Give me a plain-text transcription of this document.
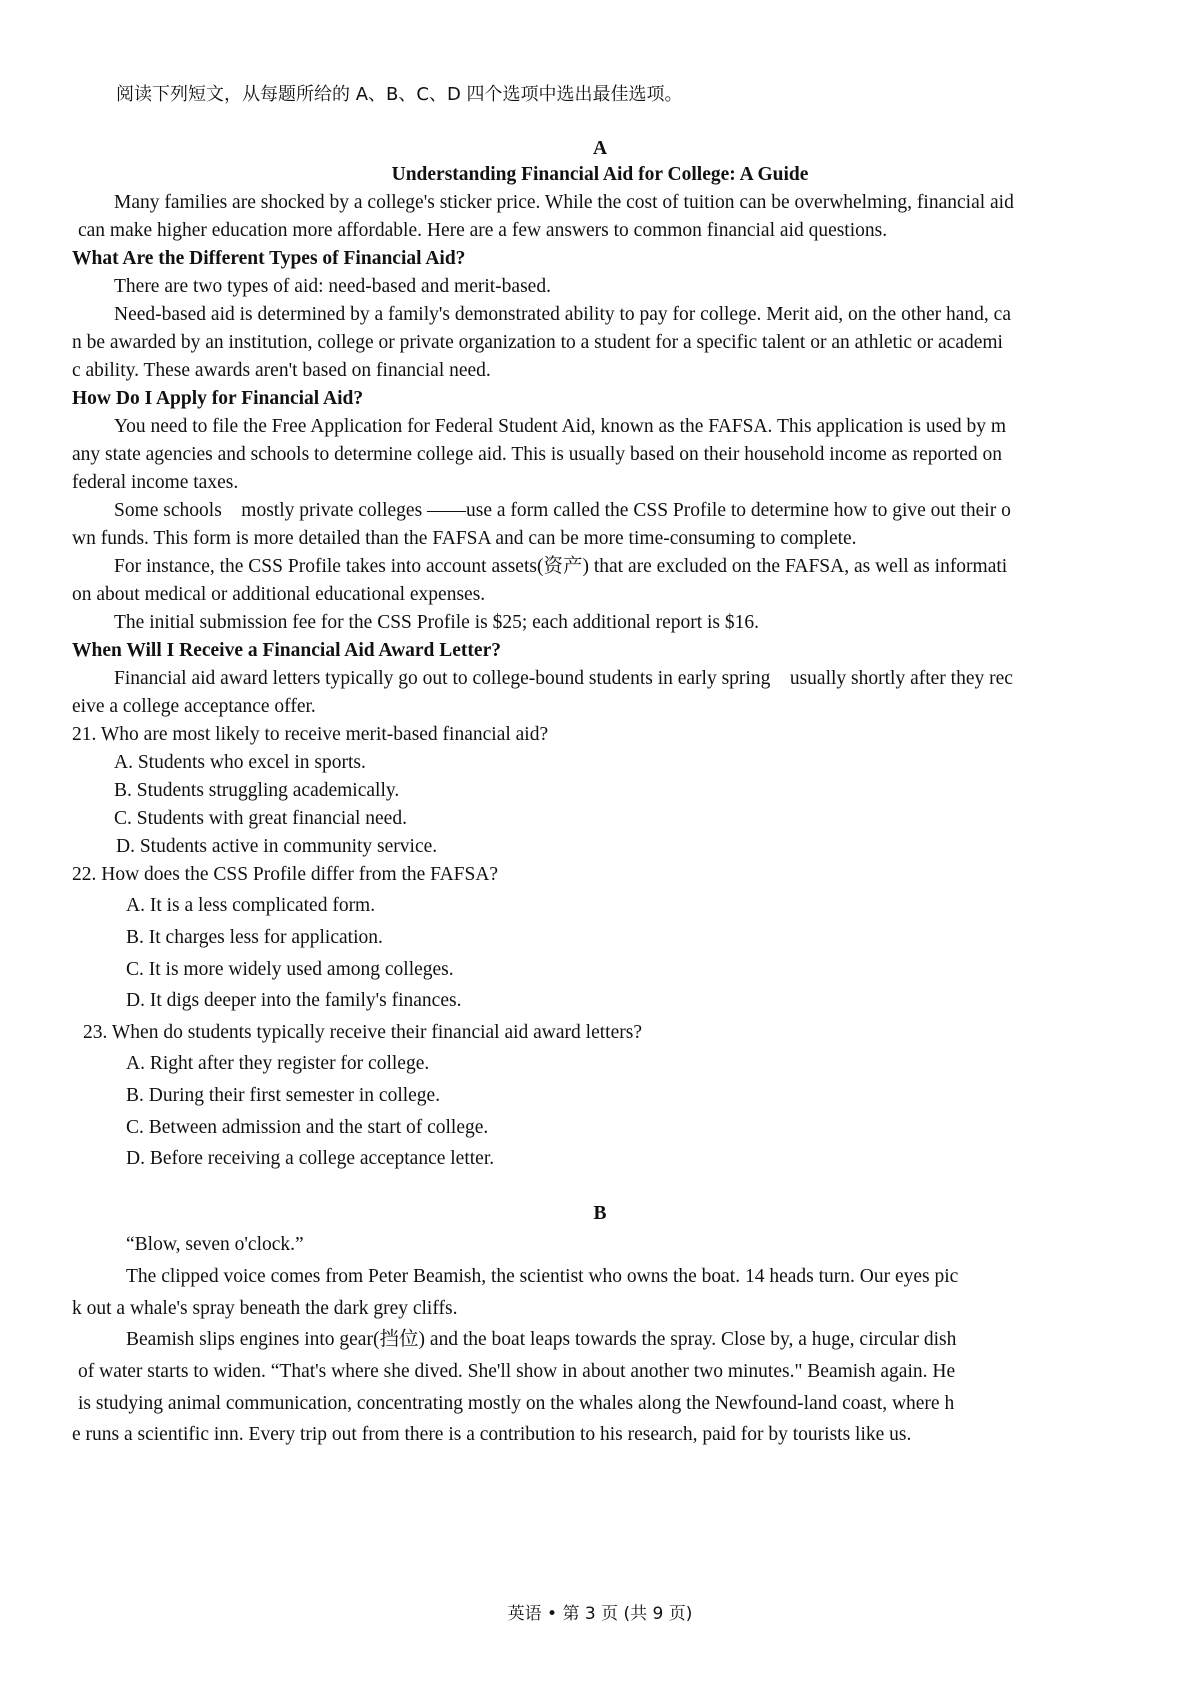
阅读下列短文，从每题所给的 A、B、C、D 四个选项中选出最佳选项。
A
Understanding Financial Aid for College: A Guide
Many families are shocked by a college's sticker price. While the cost of tuition can be overwhelming, financial aid
can make higher education more affordable. Here are a few answers to common financial aid questions.
What Are the Different Types of Financial Aid?
There are two types of aid: need-based and merit-based.
Need-based aid is determined by a family's demonstrated ability to pay for college. Merit aid, on the other hand, ca
n be awarded by an institution, college or private organization to a student for a specific talent or an athletic or academi
c ability. These awards aren't based on financial need.
How Do I Apply for Financial Aid?
You need to file the Free Application for Federal Student Aid, known as the FAFSA. This application is used by m
any state agencies and schools to determine college aid. This is usually based on their household income as reported on
federal income taxes.
Some schools    mostly private colleges ——use a form called the CSS Profile to determine how to give out their o
wn funds. This form is more detailed than the FAFSA and can be more time-consuming to complete.
For instance, the CSS Profile takes into account assets(资产) that are excluded on the FAFSA, as well as informati
on about medical or additional educational expenses.
The initial submission fee for the CSS Profile is $25; each additional report is $16.
When Will I Receive a Financial Aid Award Letter?
Financial aid award letters typically go out to college-bound students in early spring    usually shortly after they rec
eive a college acceptance offer.
21. Who are most likely to receive merit-based financial aid?
A. Students who excel in sports.
B. Students struggling academically.
C. Students with great financial need.
D. Students active in community service.
22. How does the CSS Profile differ from the FAFSA?
A. It is a less complicated form.
B. It charges less for application.
C. It is more widely used among colleges.
D. It digs deeper into the family's finances.
23. When do students typically receive their financial aid award letters?
A. Right after they register for college.
B. During their first semester in college.
C. Between admission and the start of college.
D. Before receiving a college acceptance letter.
B
“Blow, seven o'clock.”
The clipped voice comes from Peter Beamish, the scientist who owns the boat. 14 heads turn. Our eyes pic
k out a whale's spray beneath the dark grey cliffs.
Beamish slips engines into gear(挡位) and the boat leaps towards the spray. Close by, a huge, circular dish
of water starts to widen. “That's where she dived. She'll show in about another two minutes." Beamish again. He
is studying animal communication, concentrating mostly on the whales along the Newfound-land coast, where h
e runs a scientific inn. Every trip out from there is a contribution to his research, paid for by tourists like us.
英语 • 第 3 页 (共 9 页)
